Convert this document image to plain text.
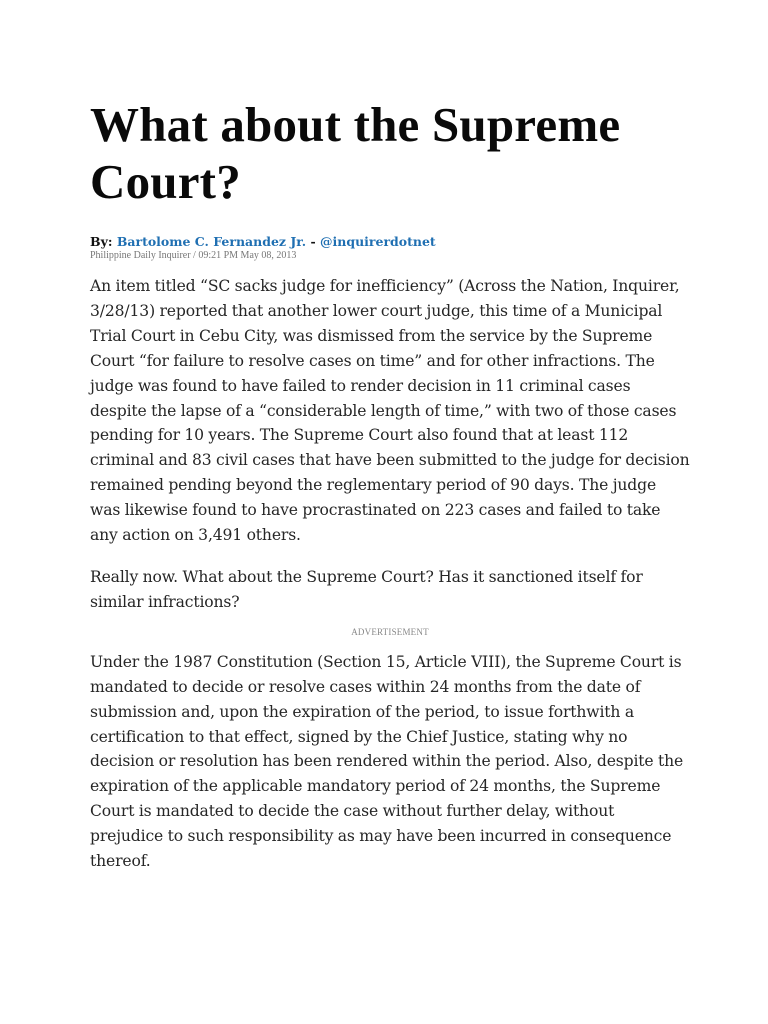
What about the Supreme Court?
By: Bartolome C. Fernandez Jr. - @inquirerdotnet
Philippine Daily Inquirer / 09:21 PM May 08, 2013

An item titled “SC sacks judge for inefficiency” (Across the Nation, Inquirer, 3/28/13) reported that another lower court judge, this time of a Municipal Trial Court in Cebu City, was dismissed from the service by the Supreme Court “for failure to resolve cases on time” and for other infractions. The judge was found to have failed to render decision in 11 criminal cases despite the lapse of a “considerable length of time,” with two of those cases pending for 10 years. The Supreme Court also found that at least 112 criminal and 83 civil cases that have been submitted to the judge for decision remained pending beyond the reglementary period of 90 days. The judge was likewise found to have procrastinated on 223 cases and failed to take any action on 3,491 others.

Really now. What about the Supreme Court? Has it sanctioned itself for similar infractions?

ADVERTISEMENT

Under the 1987 Constitution (Section 15, Article VIII), the Supreme Court is mandated to decide or resolve cases within 24 months from the date of submission and, upon the expiration of the period, to issue forthwith a certification to that effect, signed by the Chief Justice, stating why no decision or resolution has been rendered within the period. Also, despite the expiration of the applicable mandatory period of 24 months, the Supreme Court is mandated to decide the case without further delay, without prejudice to such responsibility as may have been incurred in consequence thereof.
